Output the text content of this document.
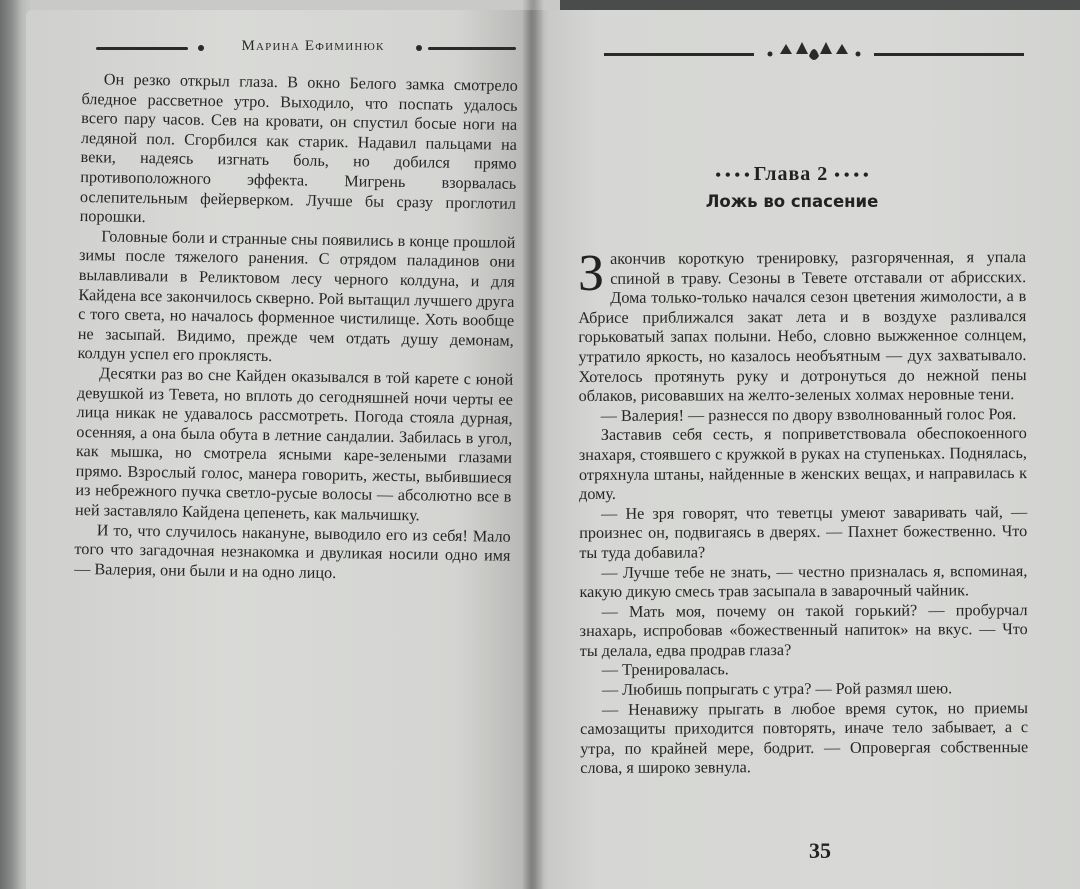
Марина Ефиминюк

Он резко открыл глаза. В окно Белого замка смотрело бледное рассветное утро. Выходило, что поспать удалось всего пару часов. Сев на кровати, он спустил босые ноги на ледяной пол. Сгорбился как старик. Надавил пальцами на веки, надеясь изгнать боль, но добился прямо противоположного эффекта. Мигрень взорвалась ослепительным фейерверком. Лучше бы сразу проглотил порошки.

Головные боли и странные сны появились в конце прошлой зимы после тяжелого ранения. С отрядом паладинов они вылавливали в Реликтовом лесу черного колдуна, и для Кайдена все закончилось скверно. Рой вытащил лучшего друга с того света, но началось форменное чистилище. Хоть вообще не засыпай. Видимо, прежде чем отдать душу демонам, колдун успел его проклясть.

Десятки раз во сне Кайден оказывался в той карете с юной девушкой из Тевета, но вплоть до сегодняшней ночи черты ее лица никак не удавалось рассмотреть. Погода стояла дурная, осенняя, а она была обута в летние сандалии. Забилась в угол, как мышка, но смотрела ясными каре-зелеными глазами прямо. Взрослый голос, манера говорить, жесты, выбившиеся из небрежного пучка светло-русые волосы — абсолютно все в ней заставляло Кайдена цепенеть, как мальчишку.

И то, что случилось накануне, выводило его из себя! Мало того что загадочная незнакомка и двуликая носили одно имя — Валерия, они были и на одно лицо.

• • • • Глава 2 • • • •
Ложь во спасение

Закончив короткую тренировку, разгоряченная, я упала спиной в траву. Сезоны в Тевете отставали от абрисских. Дома только-только начался сезон цветения жимолости, а в Абрисе приближался закат лета и в воздухе разливался горьковатый запах полыни. Небо, словно выжженное солнцем, утратило яркость, но казалось необъятным — дух захватывало. Хотелось протянуть руку и дотронуться до нежной пены облаков, рисовавших на желто-зеленых холмах неровные тени.

— Валерия! — разнесся по двору взволнованный голос Роя.

Заставив себя сесть, я поприветствовала обеспокоенного знахаря, стоявшего с кружкой в руках на ступеньках. Поднялась, отряхнула штаны, найденные в женских вещах, и направилась к дому.

— Не зря говорят, что теветцы умеют заваривать чай, — произнес он, подвигаясь в дверях. — Пахнет божественно. Что ты туда добавила?

— Лучше тебе не знать, — честно призналась я, вспоминая, какую дикую смесь трав засыпала в заварочный чайник.

— Мать моя, почему он такой горький? — пробурчал знахарь, испробовав «божественный напиток» на вкус. — Что ты делала, едва продрав глаза?

— Тренировалась.

— Любишь попрыгать с утра? — Рой размял шею.

— Ненавижу прыгать в любое время суток, но приемы самозащиты приходится повторять, иначе тело забывает, а с утра, по крайней мере, бодрит. — Опровергая собственные слова, я широко зевнула.

35
